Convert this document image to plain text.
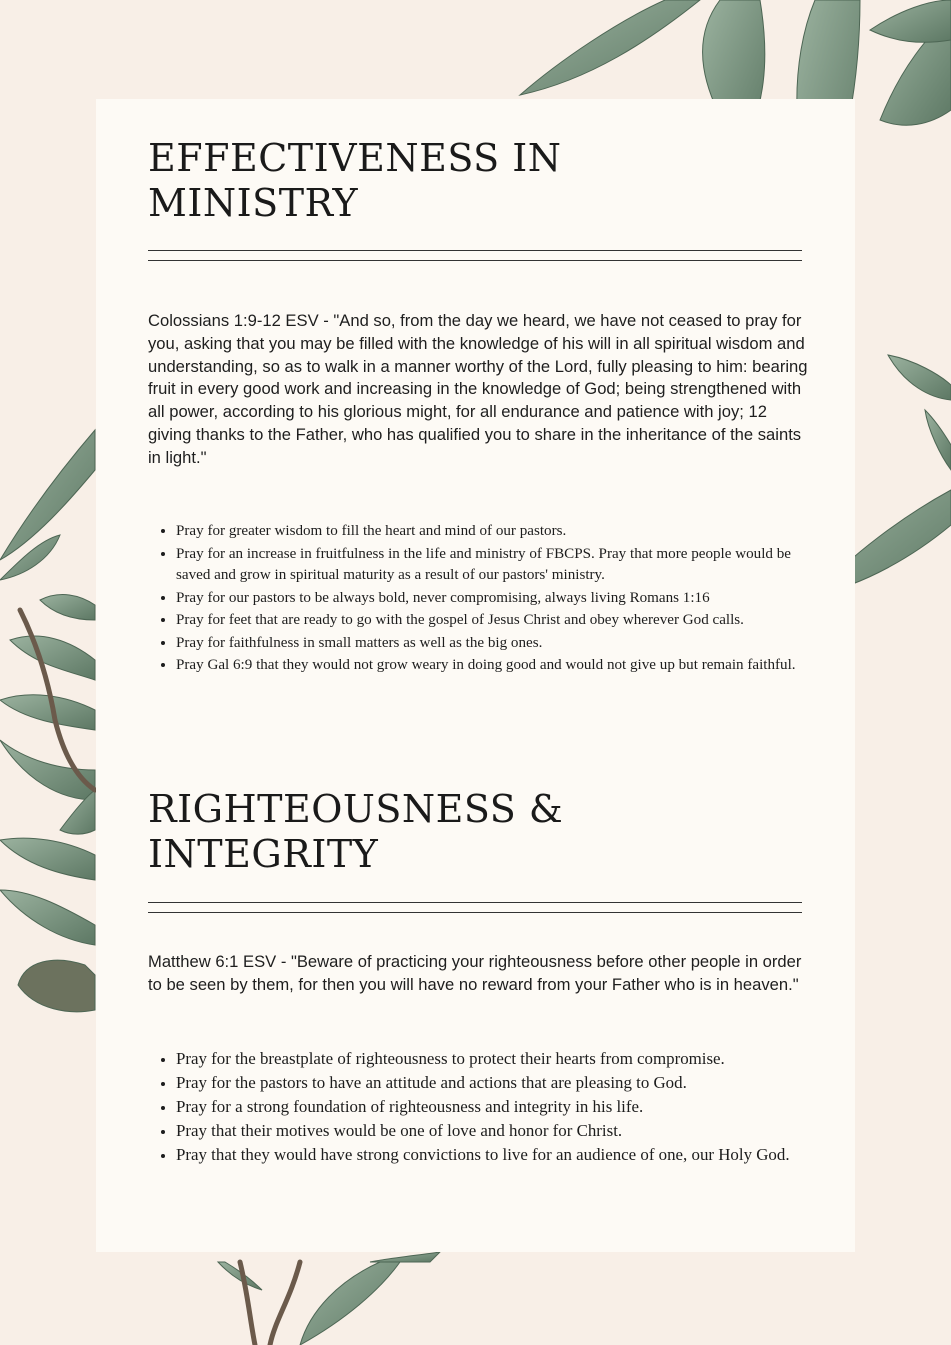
EFFECTIVENESS IN
MINISTRY

Colossians 1:9-12 ESV - "And so, from the day we heard, we have not ceased to pray for you, asking that you may be filled with the knowledge of his will in all spiritual wisdom and understanding, so as to walk in a manner worthy of the Lord, fully pleasing to him: bearing fruit in every good work and increasing in the knowledge of God; being strengthened with all power, according to his glorious might, for all endurance and patience with joy; 12 giving thanks to the Father, who has qualified you to share in the inheritance of the saints in light."

• Pray for greater wisdom to fill the heart and mind of our pastors.
• Pray for an increase in fruitfulness in the life and ministry of FBCPS. Pray that more people would be saved and grow in spiritual maturity as a result of our pastors' ministry.
• Pray for our pastors to be always bold, never compromising, always living Romans 1:16
• Pray for feet that are ready to go with the gospel of Jesus Christ and obey wherever God calls.
• Pray for faithfulness in small matters as well as the big ones.
• Pray Gal 6:9 that they would not grow weary in doing good and would not give up but remain faithful.
RIGHTEOUSNESS &
INTEGRITY

Matthew 6:1 ESV - "Beware of practicing your righteousness before other people in order to be seen by them, for then you will have no reward from your Father who is in heaven."

• Pray for the breastplate of righteousness to protect their hearts from compromise.
• Pray for the pastors to have an attitude and actions that are pleasing to God.
• Pray for a strong foundation of righteousness and integrity in his life.
• Pray that their motives would be one of love and honor for Christ.
• Pray that they would have strong convictions to live for an audience of one, our Holy God.
